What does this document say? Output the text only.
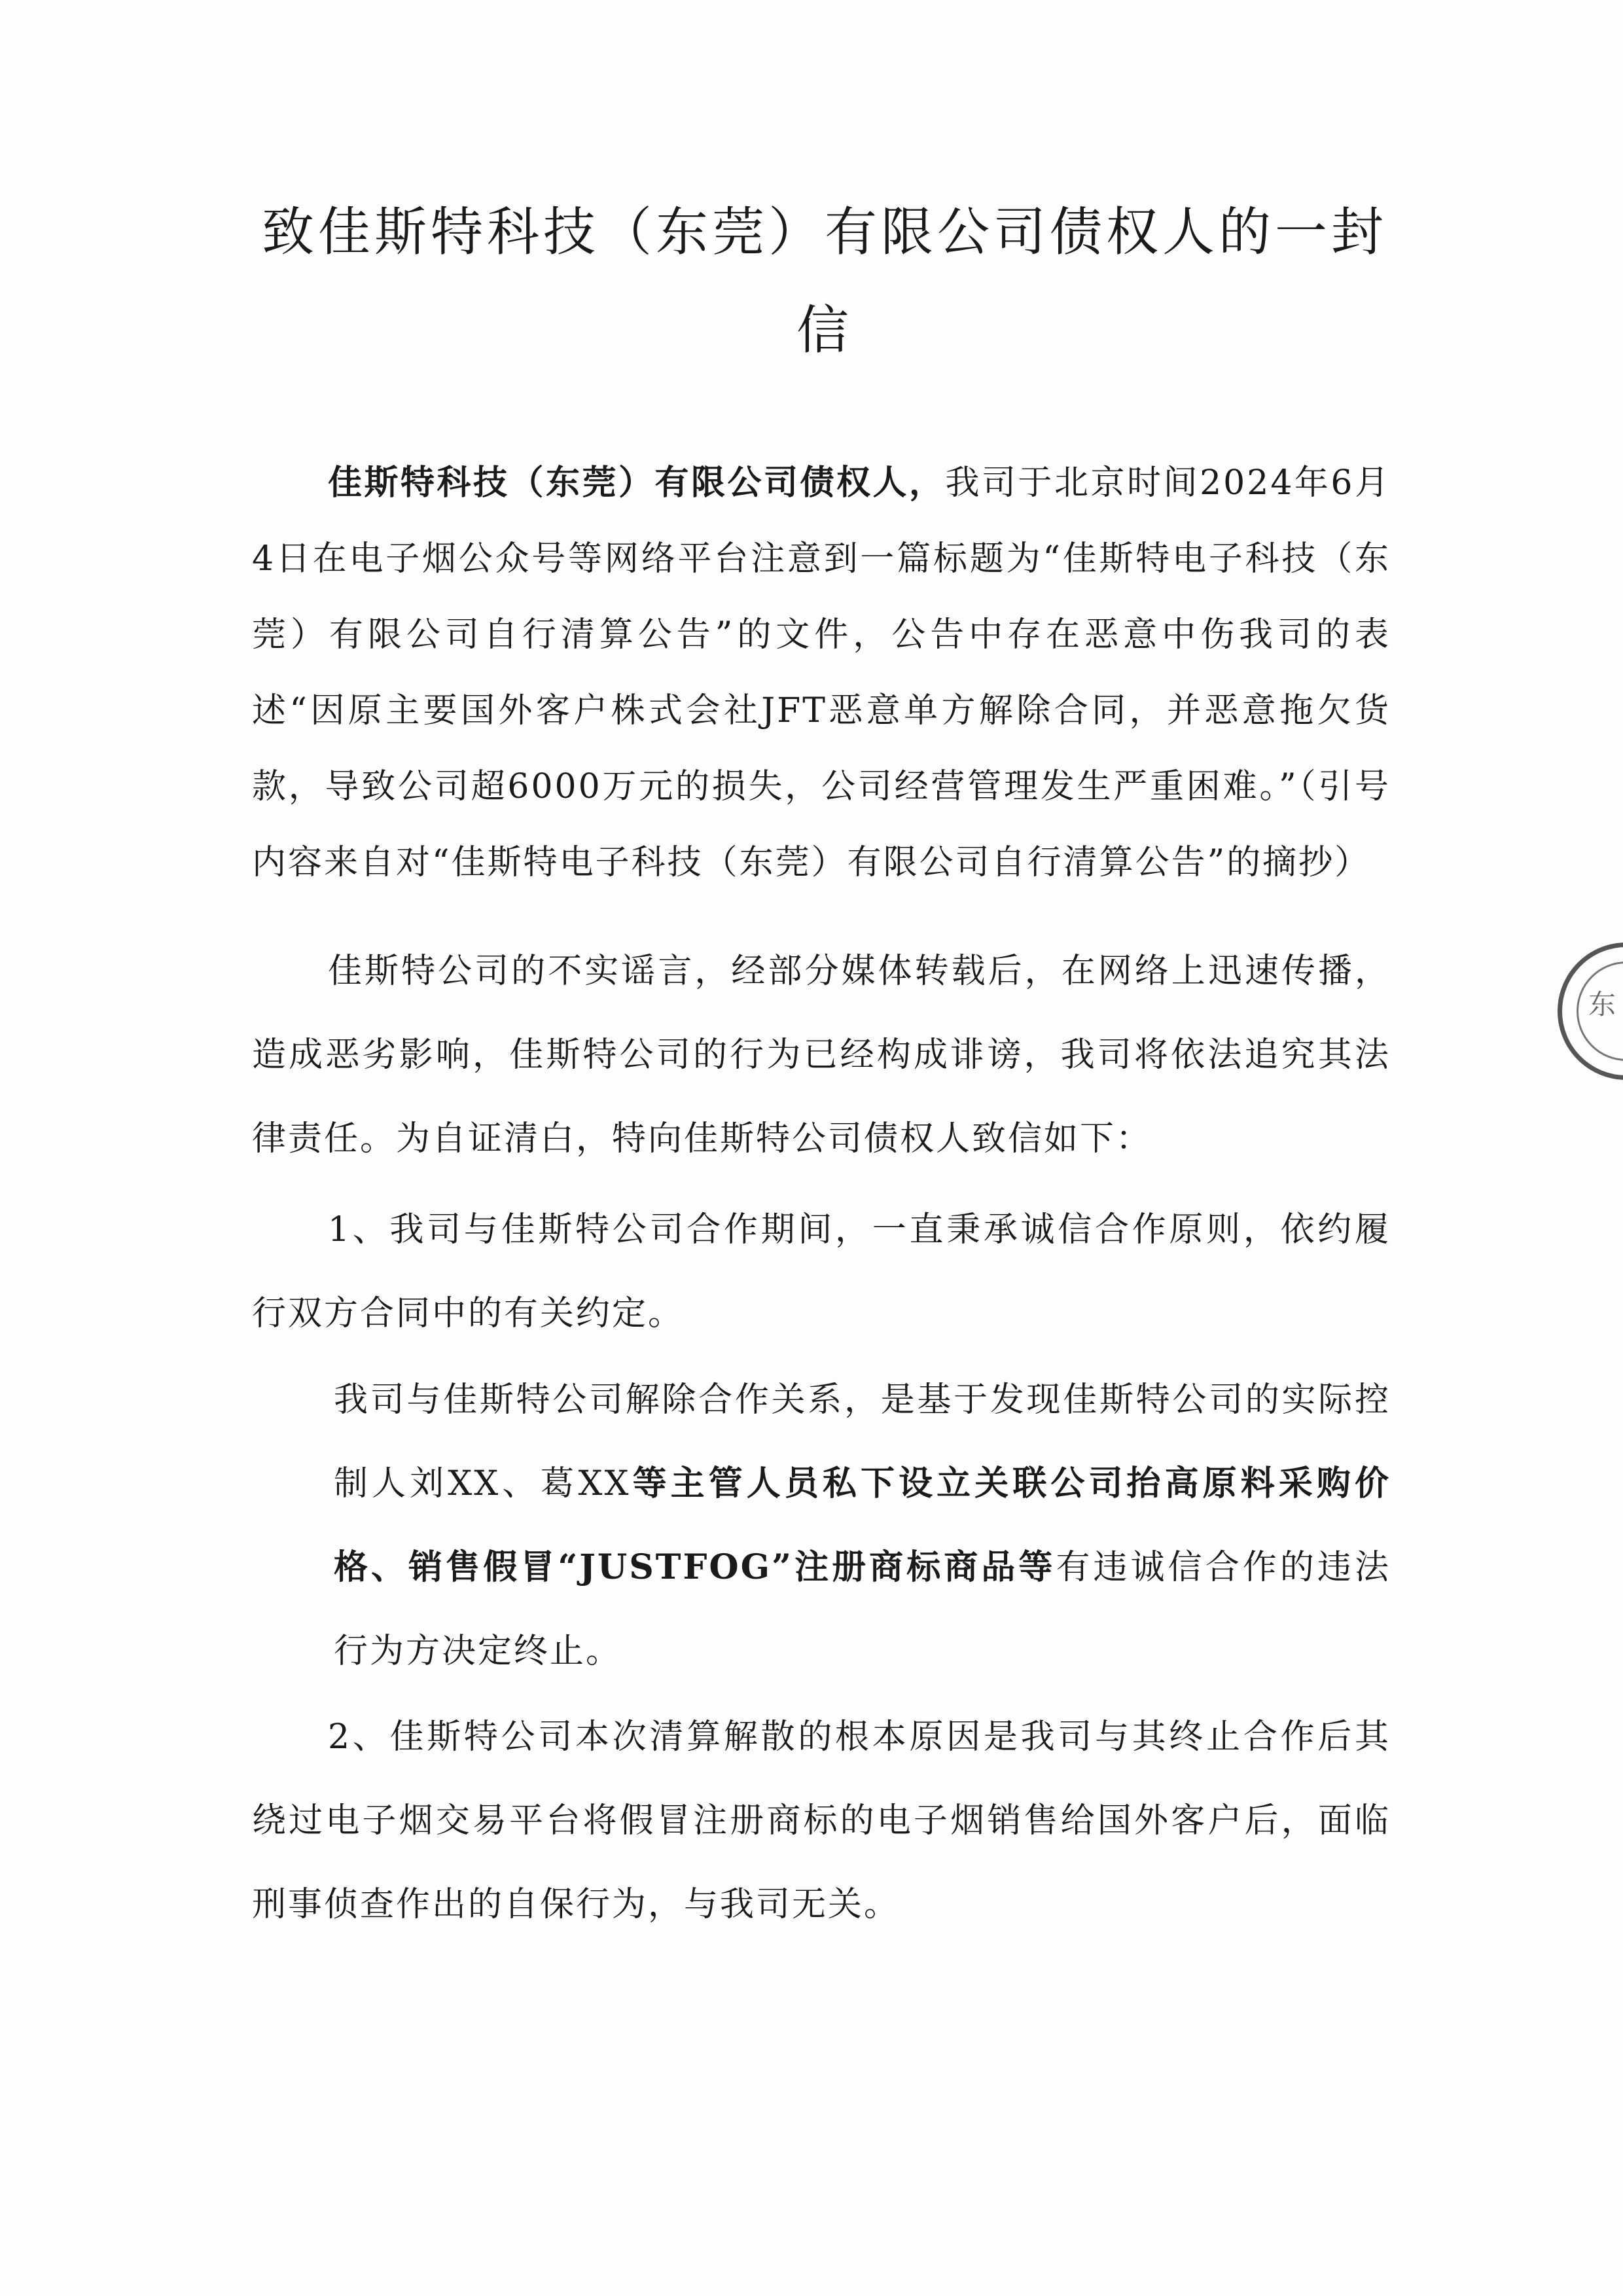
致佳斯特科技（东莞）有限公司债权人的一封信

佳斯特科技（东莞）有限公司债权人，我司于北京时间2024年6月4日在电子烟公众号等网络平台注意到一篇标题为“佳斯特电子科技（东莞）有限公司自行清算公告”的文件，公告中存在恶意中伤我司的表述“因原主要国外客户株式会社JFT恶意单方解除合同，并恶意拖欠货款，导致公司超6000万元的损失，公司经营管理发生严重困难。”（引号内容来自对“佳斯特电子科技（东莞）有限公司自行清算公告”的摘抄）

佳斯特公司的不实谣言，经部分媒体转载后，在网络上迅速传播，造成恶劣影响，佳斯特公司的行为已经构成诽谤，我司将依法追究其法律责任。为自证清白，特向佳斯特公司债权人致信如下：

1、我司与佳斯特公司合作期间，一直秉承诚信合作原则，依约履行双方合同中的有关约定。

我司与佳斯特公司解除合作关系，是基于发现佳斯特公司的实际控制人刘XX、葛XX等主管人员私下设立关联公司抬高原料采购价格、销售假冒“JUSTFOG”注册商标商品等有违诚信合作的违法行为方决定终止。

2、佳斯特公司本次清算解散的根本原因是我司与其终止合作后其绕过电子烟交易平台将假冒注册商标的电子烟销售给国外客户后，面临刑事侦查作出的自保行为，与我司无关。

东
